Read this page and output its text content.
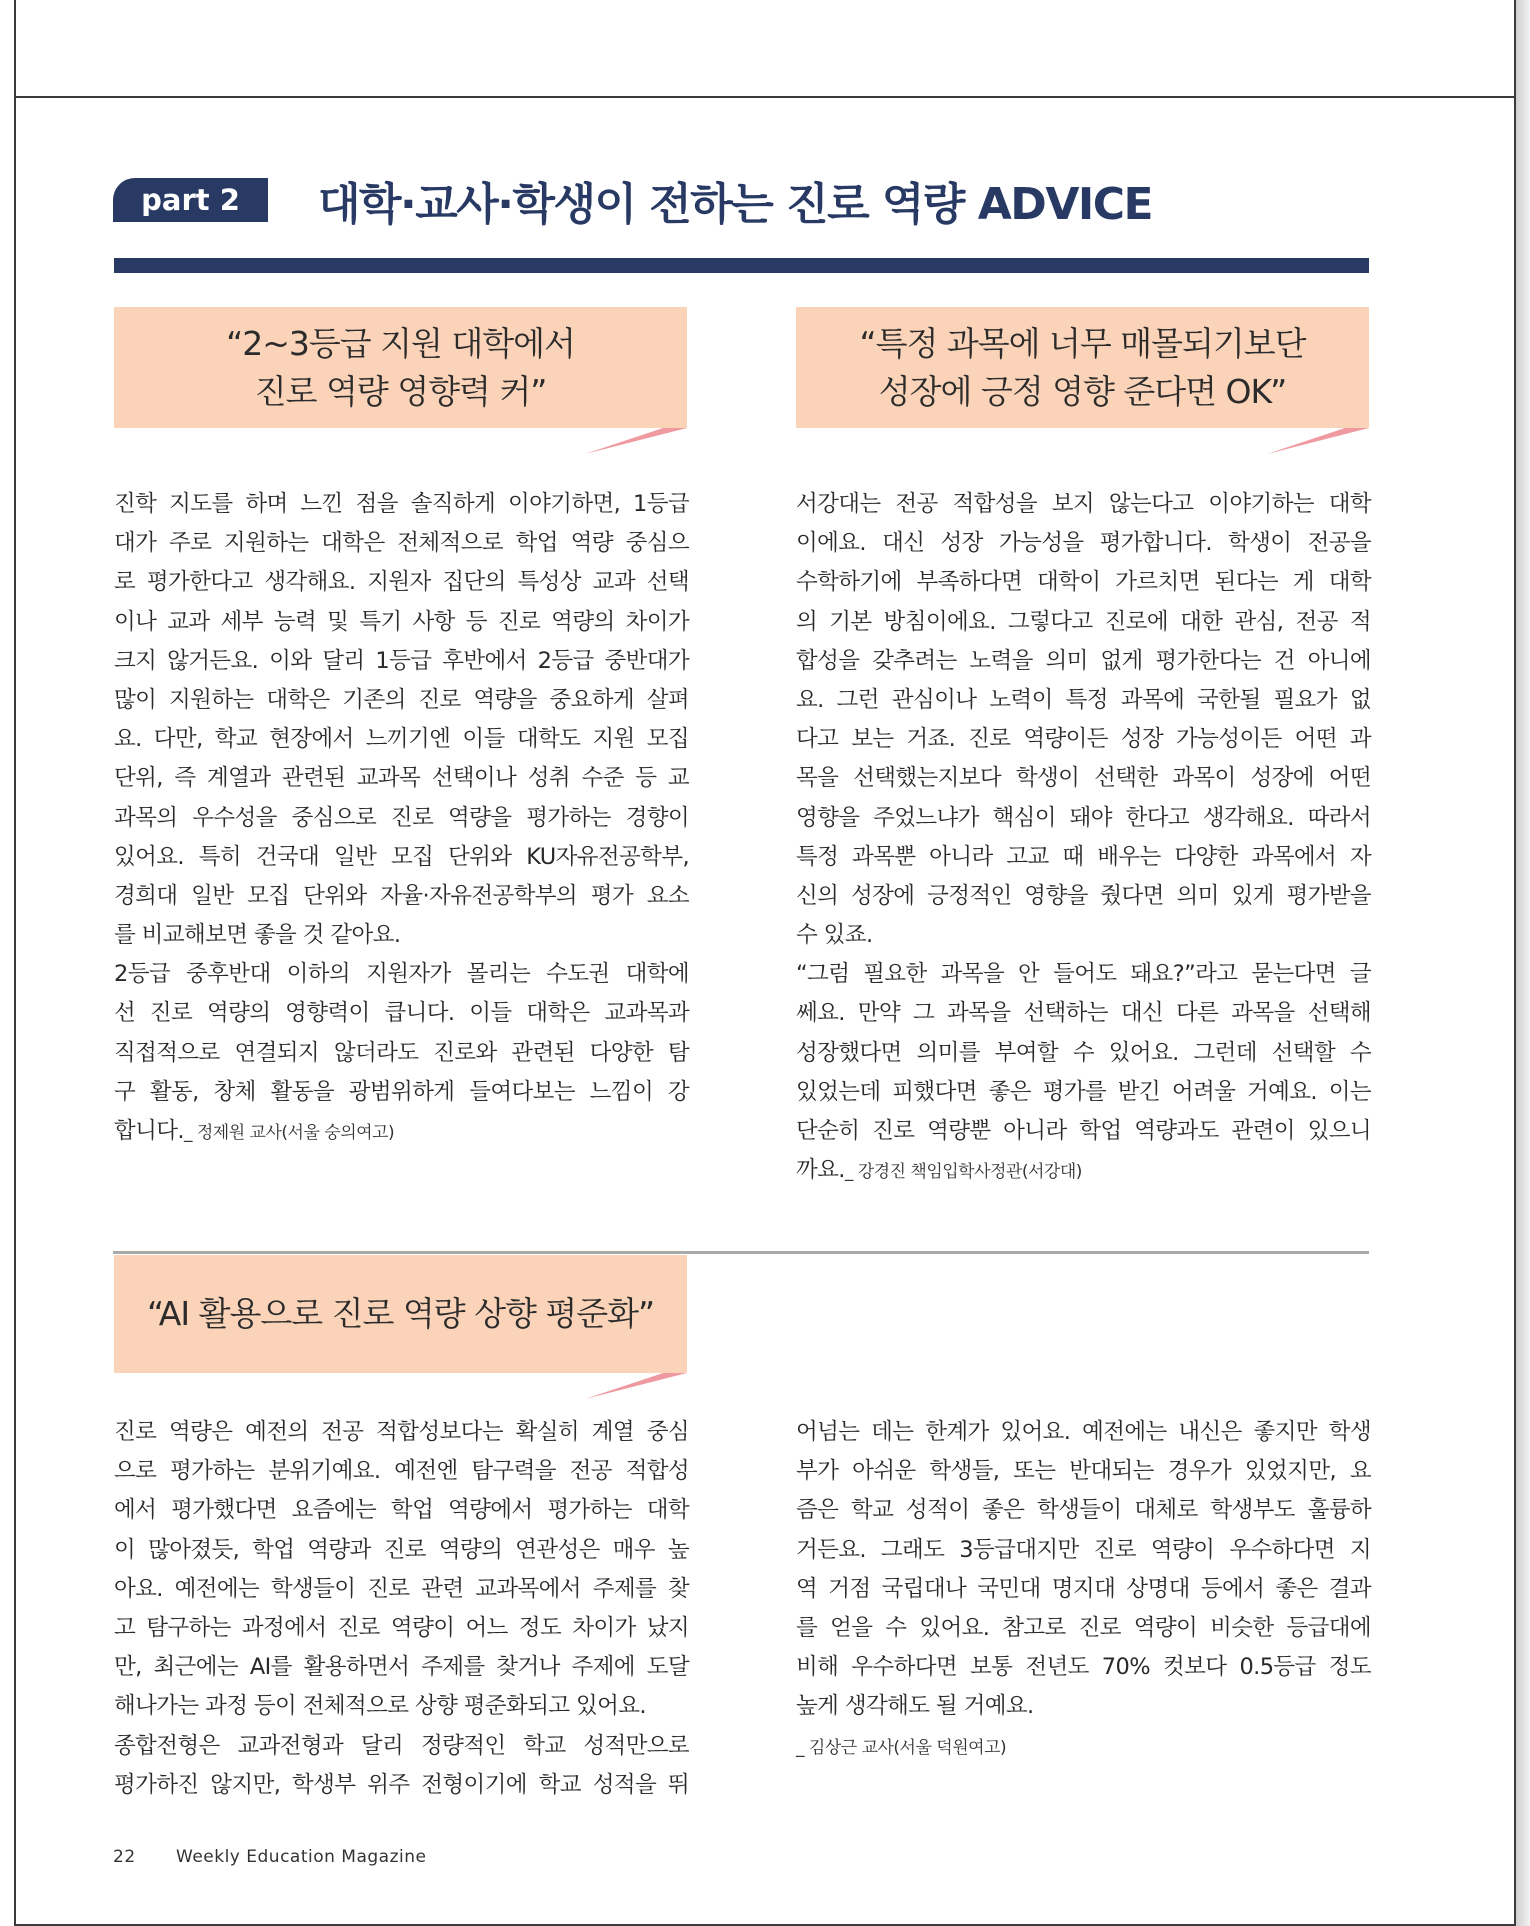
part 2	대학·교사·학생이 전하는 진로 역량 ADVICE
“2~3등급 지원 대학에서
진로 역량 영향력 커”
“특정 과목에 너무 매몰되기보단
성장에 긍정 영향 준다면 OK”
진학 지도를 하며 느낀 점을 솔직하게 이야기하면, 1등급
대가 주로 지원하는 대학은 전체적으로 학업 역량 중심으
로 평가한다고 생각해요. 지원자 집단의 특성상 교과 선택
이나 교과 세부 능력 및 특기 사항 등 진로 역량의 차이가
크지 않거든요. 이와 달리 1등급 후반에서 2등급 중반대가
많이 지원하는 대학은 기존의 진로 역량을 중요하게 살펴
요. 다만, 학교 현장에서 느끼기엔 이들 대학도 지원 모집
단위, 즉 계열과 관련된 교과목 선택이나 성취 수준 등 교
과목의 우수성을 중심으로 진로 역량을 평가하는 경향이
있어요. 특히 건국대 일반 모집 단위와 KU자유전공학부,
경희대 일반 모집 단위와 자율·자유전공학부의 평가 요소
를 비교해보면 좋을 것 같아요.
2등급 중후반대 이하의 지원자가 몰리는 수도권 대학에
선 진로 역량의 영향력이 큽니다. 이들 대학은 교과목과
직접적으로 연결되지 않더라도 진로와 관련된 다양한 탐
구 활동, 창체 활동을 광범위하게 들여다보는 느낌이 강
합니다._ 정제원 교사(서울 숭의여고)
서강대는 전공 적합성을 보지 않는다고 이야기하는 대학
이에요. 대신 성장 가능성을 평가합니다. 학생이 전공을
수학하기에 부족하다면 대학이 가르치면 된다는 게 대학
의 기본 방침이에요. 그렇다고 진로에 대한 관심, 전공 적
합성을 갖추려는 노력을 의미 없게 평가한다는 건 아니에
요. 그런 관심이나 노력이 특정 과목에 국한될 필요가 없
다고 보는 거죠. 진로 역량이든 성장 가능성이든 어떤 과
목을 선택했는지보다 학생이 선택한 과목이 성장에 어떤
영향을 주었느냐가 핵심이 돼야 한다고 생각해요. 따라서
특정 과목뿐 아니라 고교 때 배우는 다양한 과목에서 자
신의 성장에 긍정적인 영향을 줬다면 의미 있게 평가받을
수 있죠.
“그럼 필요한 과목을 안 들어도 돼요?”라고 묻는다면 글
쎄요. 만약 그 과목을 선택하는 대신 다른 과목을 선택해
성장했다면 의미를 부여할 수 있어요. 그런데 선택할 수
있었는데 피했다면 좋은 평가를 받긴 어려울 거예요. 이는
단순히 진로 역량뿐 아니라 학업 역량과도 관련이 있으니
까요._ 강경진 책임입학사정관(서강대)
“AI 활용으로 진로 역량 상향 평준화”
진로 역량은 예전의 전공 적합성보다는 확실히 계열 중심
으로 평가하는 분위기예요. 예전엔 탐구력을 전공 적합성
에서 평가했다면 요즘에는 학업 역량에서 평가하는 대학
이 많아졌듯, 학업 역량과 진로 역량의 연관성은 매우 높
아요. 예전에는 학생들이 진로 관련 교과목에서 주제를 찾
고 탐구하는 과정에서 진로 역량이 어느 정도 차이가 났지
만, 최근에는 AI를 활용하면서 주제를 찾거나 주제에 도달
해나가는 과정 등이 전체적으로 상향 평준화되고 있어요.
종합전형은 교과전형과 달리 정량적인 학교 성적만으로
평가하진 않지만, 학생부 위주 전형이기에 학교 성적을 뛰
어넘는 데는 한계가 있어요. 예전에는 내신은 좋지만 학생
부가 아쉬운 학생들, 또는 반대되는 경우가 있었지만, 요
즘은 학교 성적이 좋은 학생들이 대체로 학생부도 훌륭하
거든요. 그래도 3등급대지만 진로 역량이 우수하다면 지
역 거점 국립대나 국민대 명지대 상명대 등에서 좋은 결과
를 얻을 수 있어요. 참고로 진로 역량이 비슷한 등급대에
비해 우수하다면 보통 전년도 70% 컷보다 0.5등급 정도
높게 생각해도 될 거예요.
_ 김상근 교사(서울 덕원여고)
22	Weekly Education Magazine
